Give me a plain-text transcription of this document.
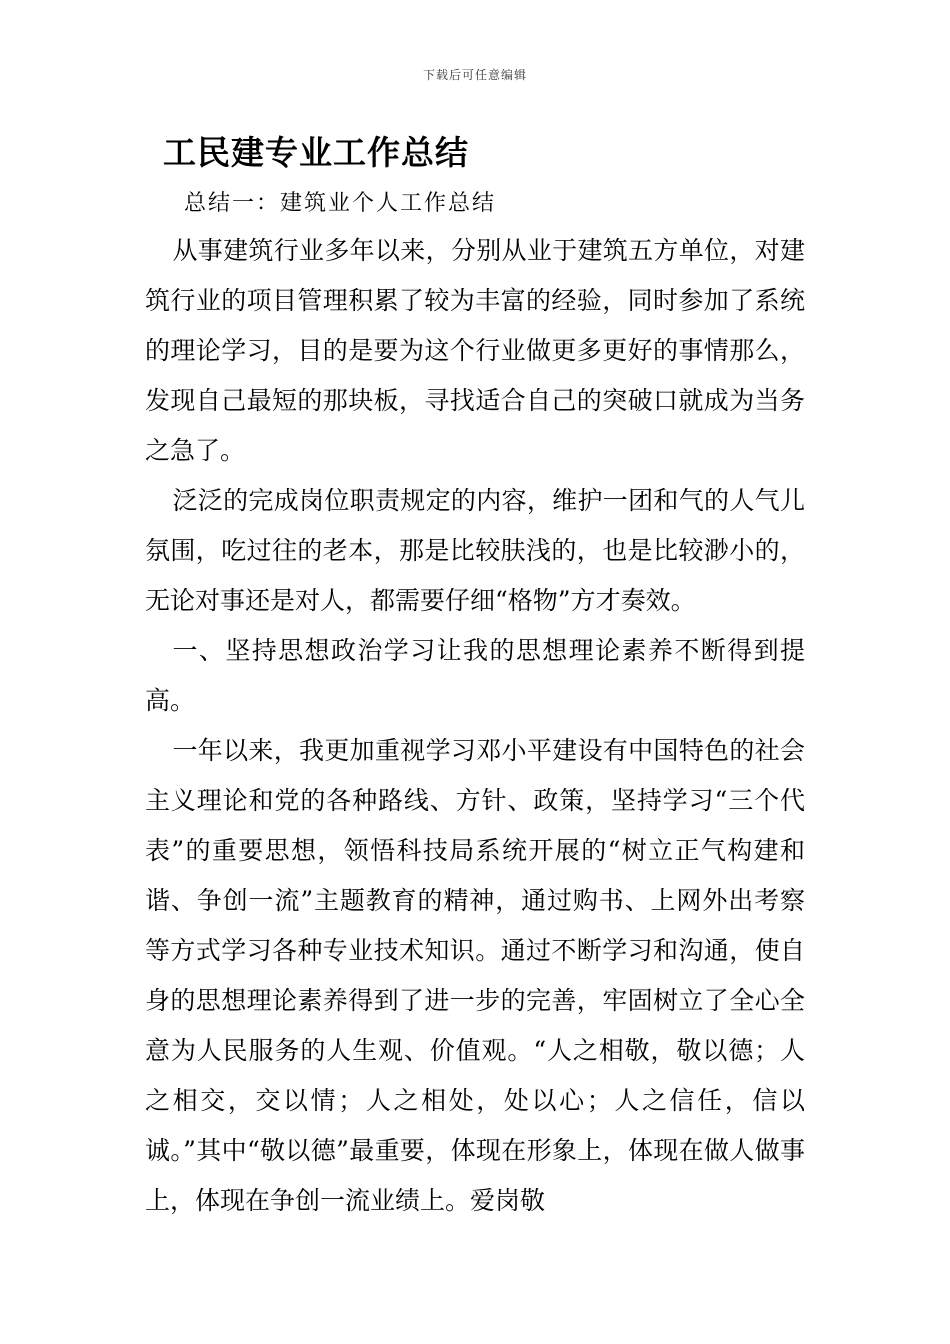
下载后可任意编辑
工民建专业工作总结
总结一：建筑业个人工作总结

从事建筑行业多年以来，分别从业于建筑五方单位，对建筑行业的项目管理积累了较为丰富的经验，同时参加了系统的理论学习，目的是要为这个行业做更多更好的事情那么，发现自己最短的那块板，寻找适合自己的突破口就成为当务之急了。

泛泛的完成岗位职责规定的内容，维护一团和气的人气儿氛围，吃过往的老本，那是比较肤浅的，也是比较渺小的，无论对事还是对人，都需要仔细“格物”方才奏效。

一、坚持思想政治学习让我的思想理论素养不断得到提高。

一年以来，我更加重视学习邓小平建设有中国特色的社会主义理论和党的各种路线、方针、政策，坚持学习“三个代表”的重要思想，领悟科技局系统开展的“树立正气构建和谐、争创一流”主题教育的精神，通过购书、上网外出考察等方式学习各种专业技术知识。通过不断学习和沟通，使自身的思想理论素养得到了进一步的完善，牢固树立了全心全意为人民服务的人生观、价值观。“人之相敬，敬以德；人之相交，交以情；人之相处，处以心；人之信任，信以诚。”其中“敬以德”最重要，体现在形象上，体现在做人做事上，体现在争创一流业绩上。爱岗敬
